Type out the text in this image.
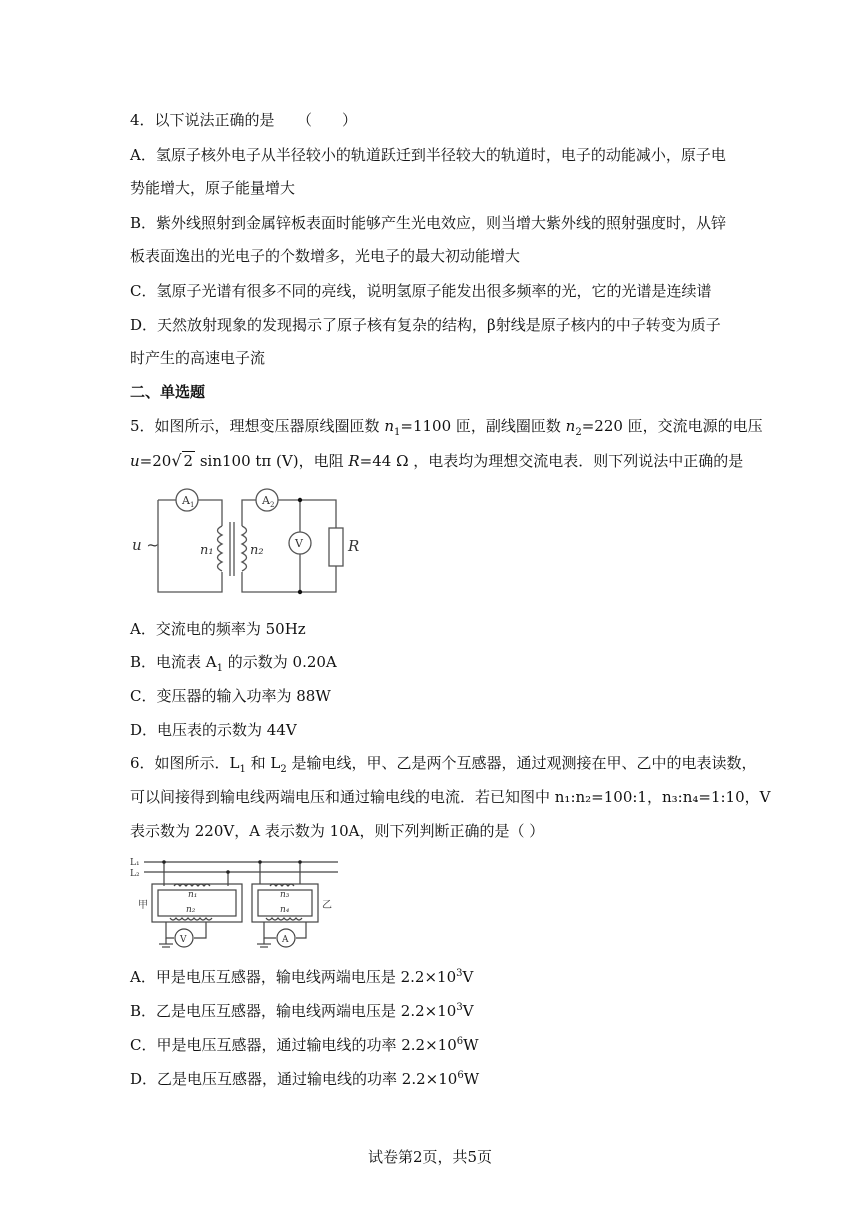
4．以下说法正确的是　　（　　）
A．氢原子核外电子从半径较小的轨道跃迁到半径较大的轨道时，电子的动能减小，原子电
势能增大，原子能量增大
B．紫外线照射到金属锌板表面时能够产生光电效应，则当增大紫外线的照射强度时，从锌
板表面逸出的光电子的个数增多，光电子的最大初动能增大
C．氢原子光谱有很多不同的亮线，说明氢原子能发出很多频率的光，它的光谱是连续谱
D．天然放射现象的发现揭示了原子核有复杂的结构，β射线是原子核内的中子转变为质子
时产生的高速电子流
二、单选题
5．如图所示，理想变压器原线圈匝数 $n_1=1100$ 匝，副线圈匝数 $n_2=220$ 匝，交流电源的电压
u=20√ 2 sin100 tπ (V)，电阻 R=44 Ω ，电表均为理想交流电表．则下列说法中正确的是
A 1	A 2
V
u ~	n₁	n₂	R
A．交流电的频率为 50Hz
B．电流表 $A_1$ 的示数为 0.20A
C．变压器的输入功率为 88W
D．电压表的示数为 44V
6．如图所示．$L_1$ 和 $L_2$ 是输电线，甲、乙是两个互感器，通过观测接在甲、乙中的电表读数，
可以间接得到输电线两端电压和通过输电线的电流．若已知图中 n₁:n₂=100:1，n₃:n₄=1:10，V
表示数为 220V，A 表示数为 10A，则下列判断正确的是（ ）
L₁
L₂
甲	乙
n₁
n₂
n₃
n₄
V	A
A．甲是电压互感器，输电线两端电压是 $2.2\times 10^3V$
B．乙是电压互感器，输电线两端电压是 $2.2\times 10^3V$
C．甲是电压互感器，通过输电线的功率 $2.2\times 10^6W$
D．乙是电压互感器，通过输电线的功率 $2.2\times 10^6W$
试卷第2页，共5页
